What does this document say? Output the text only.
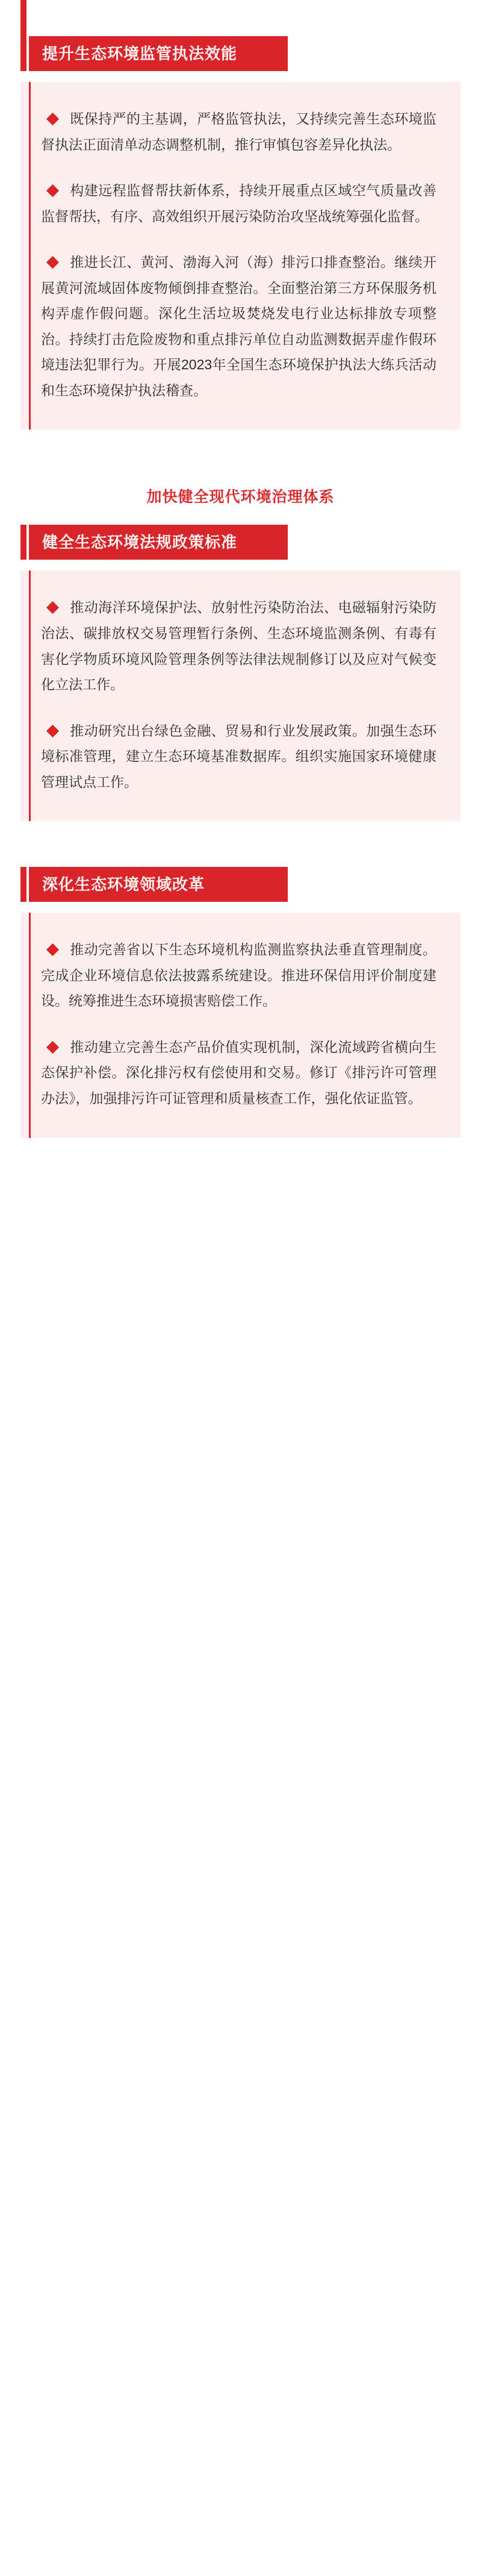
提升生态环境监管执法效能

既保持严的主基调，严格监管执法，又持续完善生态环境监督执法正面清单动态调整机制，推行审慎包容差异化执法。

构建远程监督帮扶新体系，持续开展重点区域空气质量改善监督帮扶，有序、高效组织开展污染防治攻坚战统筹强化监督。

推进长江、黄河、渤海入河（海）排污口排查整治。继续开展黄河流域固体废物倾倒排查整治。全面整治第三方环保服务机构弄虚作假问题。深化生活垃圾焚烧发电行业达标排放专项整治。持续打击危险废物和重点排污单位自动监测数据弄虚作假环境违法犯罪行为。开展2023年全国生态环境保护执法大练兵活动和生态环境保护执法稽查。

加快健全现代环境治理体系
健全生态环境法规政策标准

推动海洋环境保护法、放射性污染防治法、电磁辐射污染防治法、碳排放权交易管理暂行条例、生态环境监测条例、有毒有害化学物质环境风险管理条例等法律法规制修订以及应对气候变化立法工作。

推动研究出台绿色金融、贸易和行业发展政策。加强生态环境标准管理，建立生态环境基准数据库。组织实施国家环境健康管理试点工作。

深化生态环境领域改革

推动完善省以下生态环境机构监测监察执法垂直管理制度。完成企业环境信息依法披露系统建设。推进环保信用评价制度建设。统筹推进生态环境损害赔偿工作。

推动建立完善生态产品价值实现机制，深化流域跨省横向生态保护补偿。深化排污权有偿使用和交易。修订《排污许可管理办法》，加强排污许可证管理和质量核查工作，强化依证监管。
